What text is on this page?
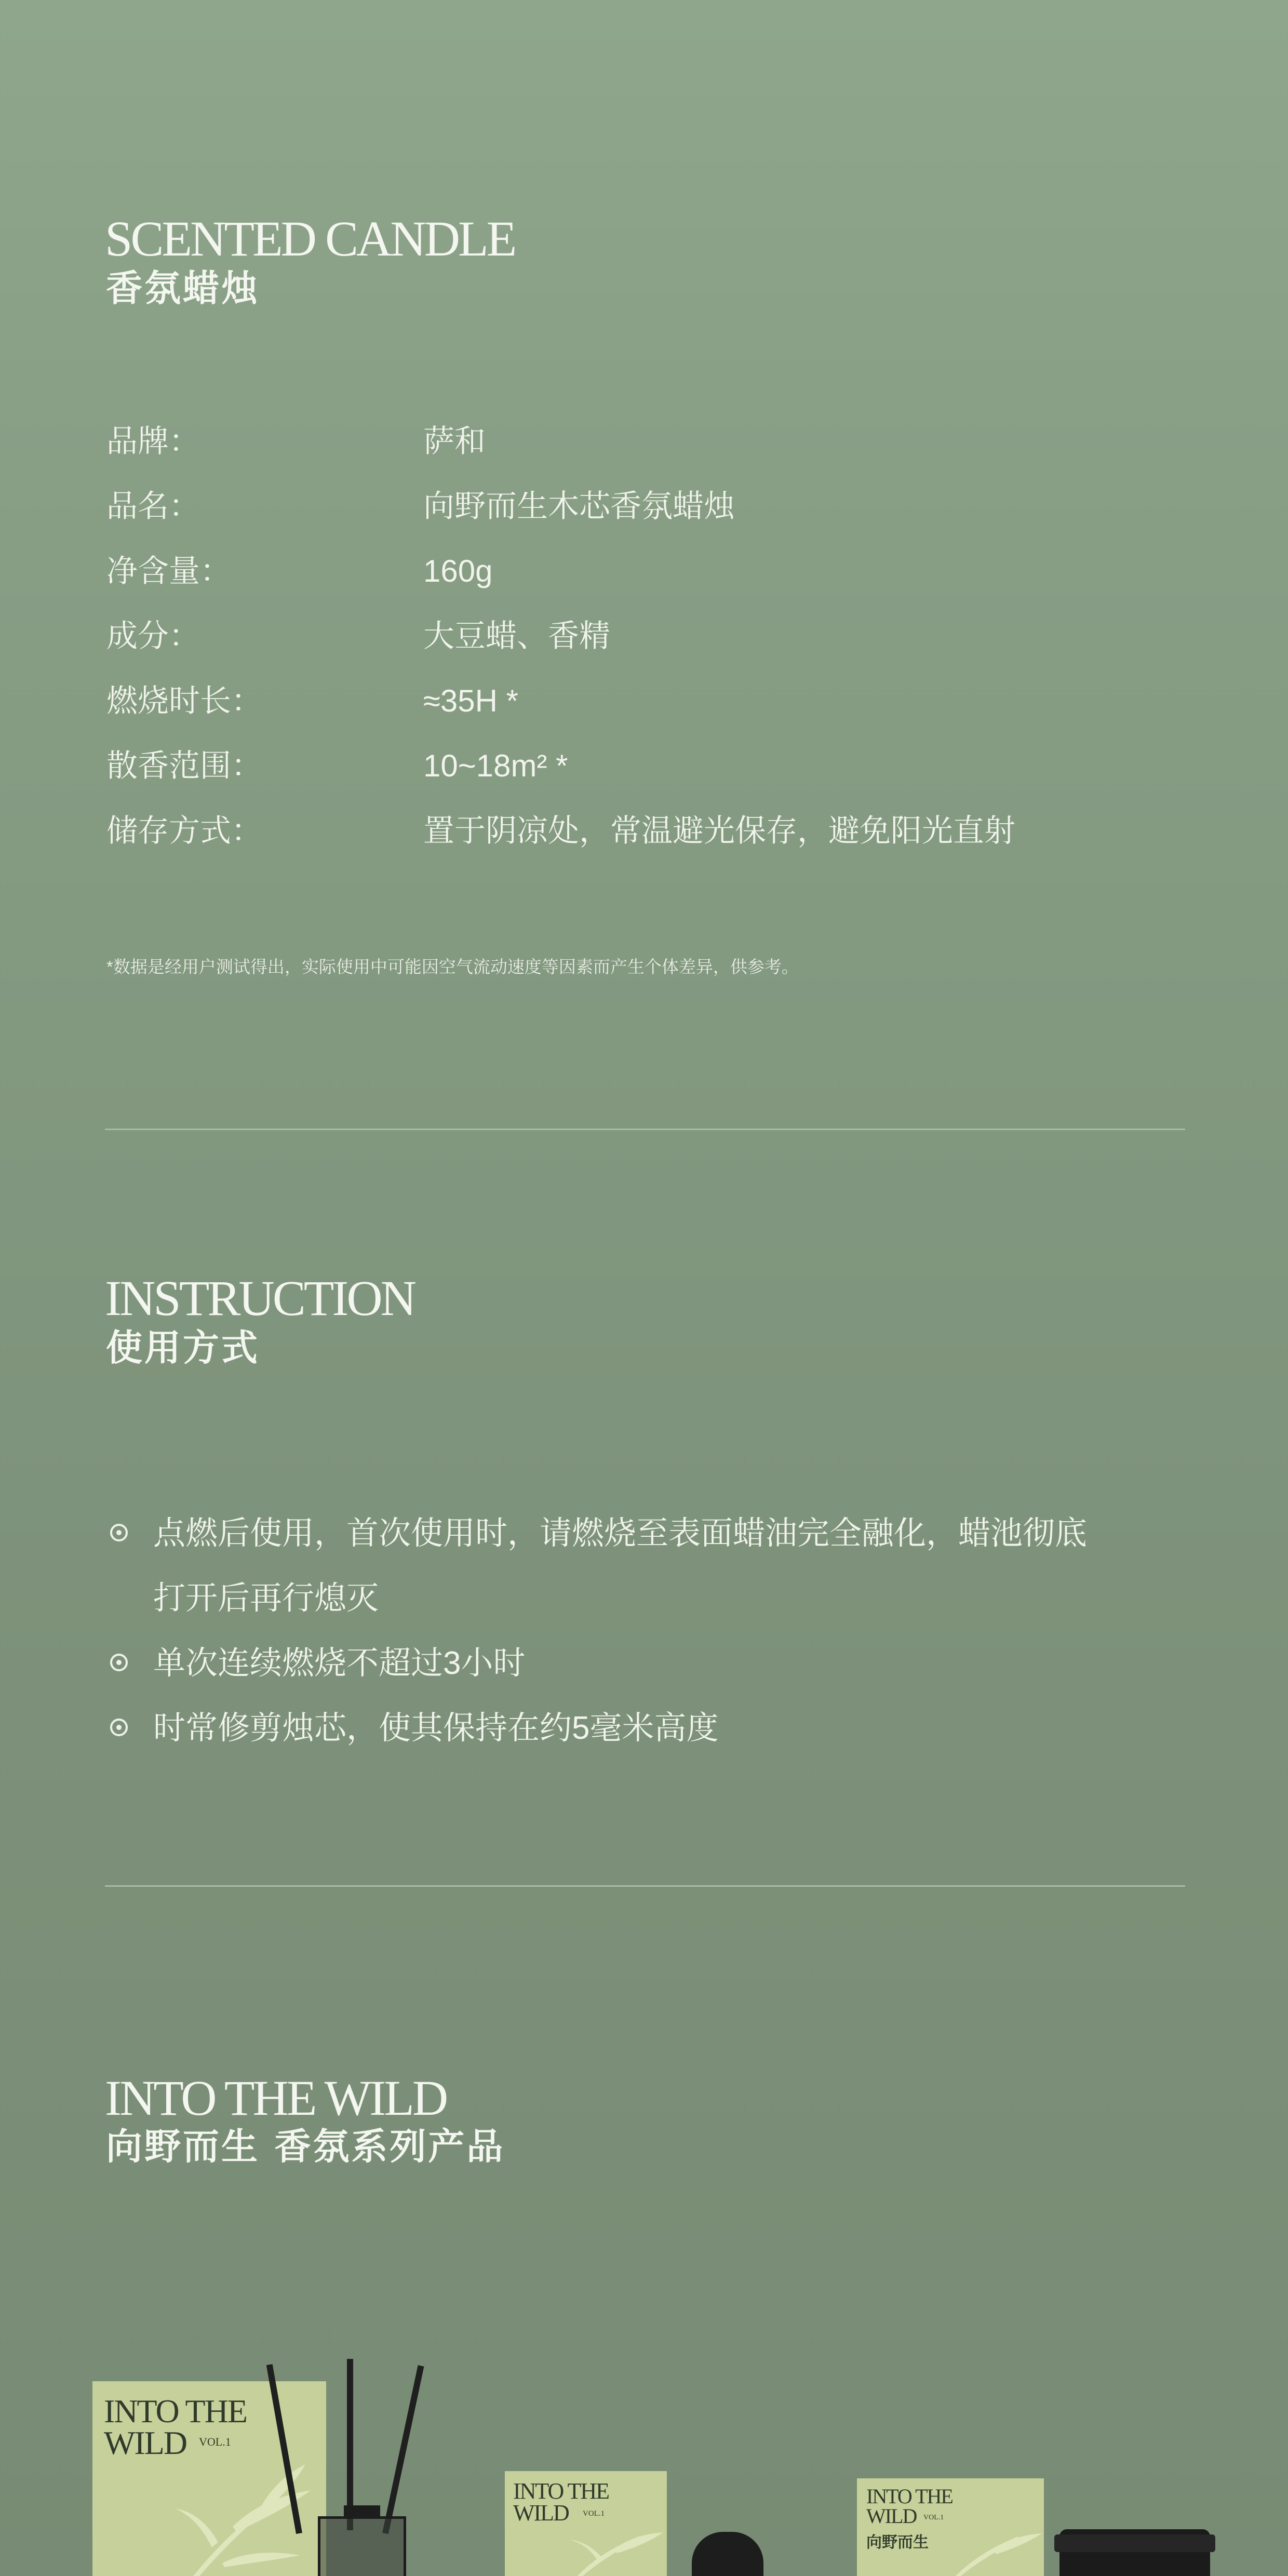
SCENTED CANDLE
香氛蜡烛
品牌：	萨和
品名：	向野而生木芯香氛蜡烛
净含量：	160g
成分：	大豆蜡、香精
燃烧时长：	≈35H *
散香范围：	10~18m² *
储存方式：	置于阴凉处，常温避光保存，避免阳光直射
*数据是经用户测试得出，实际使用中可能因空气流动速度等因素而产生个体差异，供参考。
INSTRUCTION
使用方式
点燃后使用，首次使用时，请燃烧至表面蜡油完全融化，蜡池彻底
打开后再行熄灭
单次连续燃烧不超过3小时
时常修剪烛芯，使其保持在约5毫米高度
INTO THE WILD
向野而生 香氛系列产品
INTO THE
WILD	VOL.1
INTO THE
WILD	VOL.1
INTO THE
WILD VOL.1
向野而生
